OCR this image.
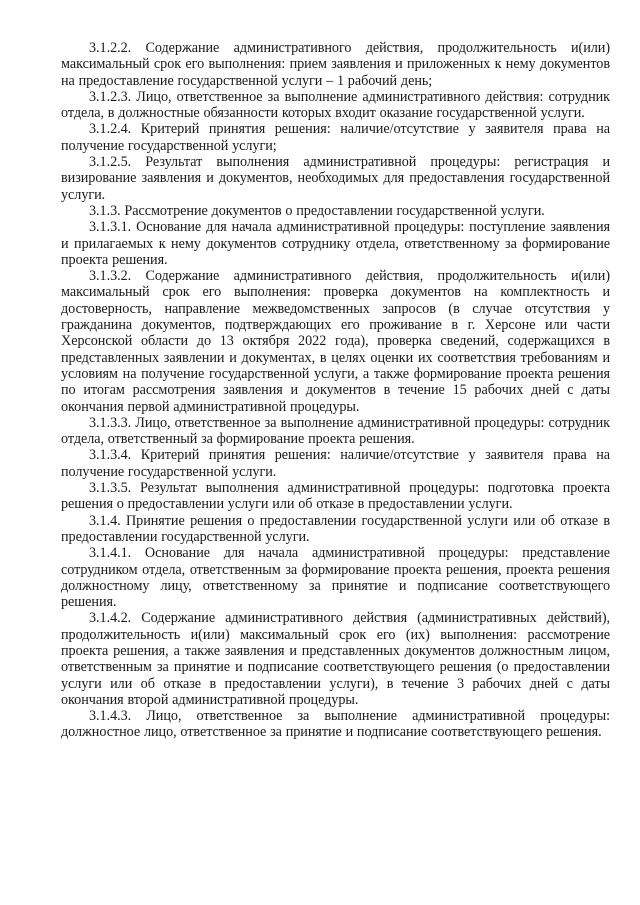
3.1.2.2. Содержание административного действия, продолжительность и(или) максимальный срок его выполнения: прием заявления и приложенных к нему документов на предоставление государственной услуги – 1 рабочий день;

3.1.2.3. Лицо, ответственное за выполнение административного действия: сотрудник отдела, в должностные обязанности которых входит оказание государственной услуги.

3.1.2.4. Критерий принятия решения: наличие/отсутствие у заявителя права на получение государственной услуги;

3.1.2.5. Результат выполнения административной процедуры: регистрация и визирование заявления и документов, необходимых для предоставления государственной услуги.

3.1.3. Рассмотрение документов о предоставлении государственной услуги.

3.1.3.1. Основание для начала административной процедуры: поступление заявления и прилагаемых к нему документов сотруднику отдела, ответственному за формирование проекта решения.

3.1.3.2. Содержание административного действия, продолжительность и(или) максимальный срок его выполнения: проверка документов на комплектность и достоверность, направление межведомственных запросов (в случае отсутствия у гражданина документов, подтверждающих его проживание в г. Херсоне или части Херсонской области до 13 октября 2022 года), проверка сведений, содержащихся в представленных заявлении и документах, в целях оценки их соответствия требованиям и условиям на получение государственной услуги, а также формирование проекта решения по итогам рассмотрения заявления и документов в течение 15 рабочих дней с даты окончания первой административной процедуры.

3.1.3.3. Лицо, ответственное за выполнение административной процедуры: сотрудник отдела, ответственный за формирование проекта решения.

3.1.3.4. Критерий принятия решения: наличие/отсутствие у заявителя права на получение государственной услуги.

3.1.3.5. Результат выполнения административной процедуры: подготовка проекта решения о предоставлении услуги или об отказе в предоставлении услуги.

3.1.4. Принятие решения о предоставлении государственной услуги или об отказе в предоставлении государственной услуги.

3.1.4.1. Основание для начала административной процедуры: представление сотрудником отдела, ответственным за формирование проекта решения, проекта решения должностному лицу, ответственному за принятие и подписание соответствующего решения.

3.1.4.2. Содержание административного действия (административных действий), продолжительность и(или) максимальный срок его (их) выполнения: рассмотрение проекта решения, а также заявления и представленных документов должностным лицом, ответственным за принятие и подписание соответствующего решения (о предоставлении услуги или об отказе в предоставлении услуги), в течение 3 рабочих дней с даты окончания второй административной процедуры.

3.1.4.3. Лицо, ответственное за выполнение административной процедуры: должностное лицо, ответственное за принятие и подписание соответствующего решения.
